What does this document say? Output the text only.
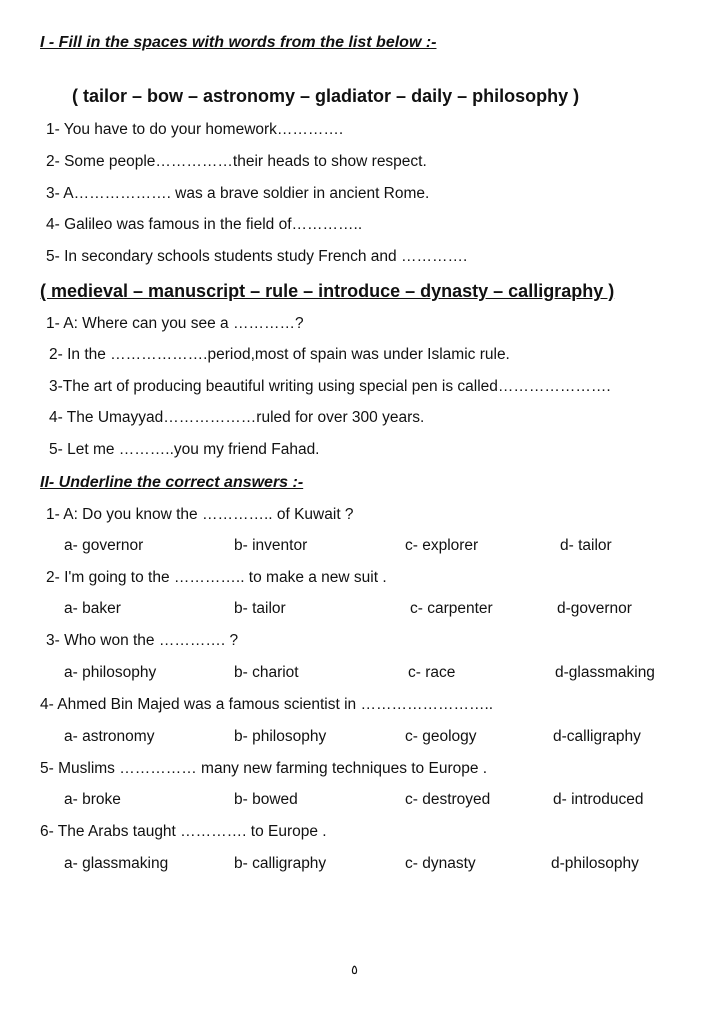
I - Fill in the spaces with words from the list below :-
( tailor – bow – astronomy – gladiator – daily – philosophy )
1- You have to do your homework………….
2- Some people……………their heads to show respect.
3- A………………. was a brave soldier in ancient Rome.
4- Galileo was famous in the field of…………..
5- In secondary schools students study French and ………….
( medieval – manuscript – rule – introduce – dynasty – calligraphy )
1- A: Where can you see a …………?
2- In the ……………….period,most of spain was under Islamic rule.
3-The art of producing beautiful writing using special pen is called………………….
4- The Umayyad………………ruled for over 300 years.
5- Let me ………..you my friend Fahad.
II- Underline the correct answers :-
1- A: Do you know the ………….. of Kuwait ?
a- governor	b- inventor	c- explorer	d- tailor
2- I'm going to the ………….. to make a new suit .
a- baker	b- tailor	c- carpenter	d-governor
3- Who won the …………. ?
a- philosophy	b- chariot	c- race	d-glassmaking
4- Ahmed Bin Majed was a famous scientist in ……………………..
a- astronomy	b- philosophy	c- geology	d-calligraphy
5- Muslims …………… many new farming techniques to Europe .
a- broke	b- bowed	c- destroyed	d- introduced
6- The Arabs taught …………. to Europe .
a- glassmaking	b- calligraphy	c- dynasty	d-philosophy
٥
